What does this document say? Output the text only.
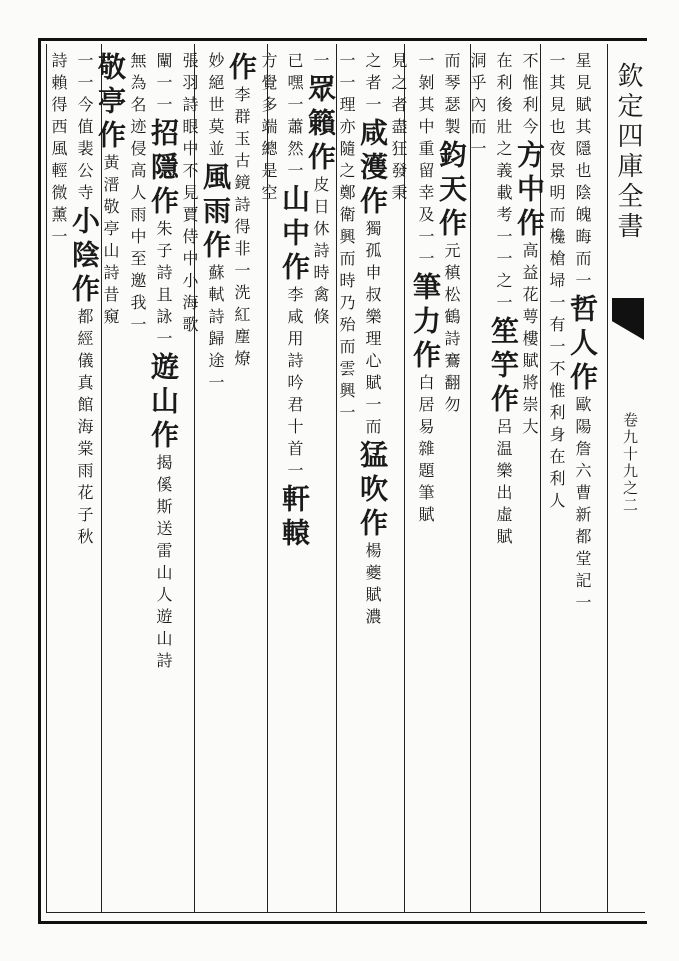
欽定四庫全書
卷九十九之二
星見賦其隱也陰魄晦而一哲人作歐陽詹六曹新都堂記一
一其見也夜景明而欃槍埽一有一不惟利身在利人
不惟利今方中作高益花萼樓賦將崇大
在利後壯之義載考一一之一笙竽作呂温樂出虛賦
洞乎內而一
而琴瑟製鈞天作元稹松鶴詩鶱翻勿
一剝其中重留幸及一一筆力作白居易雜題筆賦
見之者盡狂發秉
之者一咸濩作獨孤申叔樂理心賦一而猛吹作楊夔賦濃
一一理亦隨之鄭衛興而時乃殆而雲興一
一眾籟作皮日休詩時禽倏
已嘿一蕭然一山中作李咸用詩吟君十首一軒轅
方覺多端總是空
作李群玉古鏡詩得非一洗紅塵燎
妙絕世莫並風雨作蘇軾詩歸途一
張羽詩眼中不見賈侍中小海歌
闡一一招隱作朱子詩且詠一遊山作揭傒斯送雷山人遊山詩
無為名迹侵高人雨中至邀我一
敬亭作黃溍敬亭山詩昔窺
一一今值裴公寺小陰作都經儀真館海棠雨花子秋
詩賴得西風輕微薰一
